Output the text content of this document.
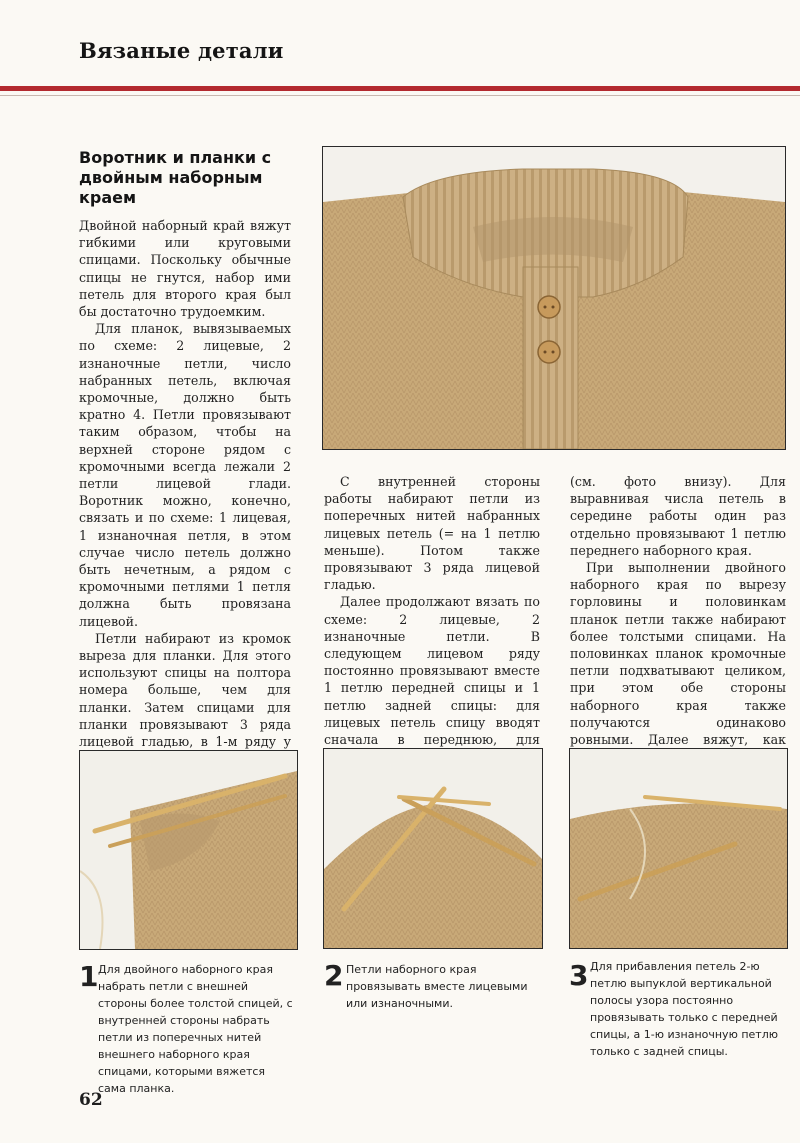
Вязаные детали
Воротник и планки с двойным наборным краем

Двойной наборный край вяжут гибкими или круговыми спицами. Поскольку обычные спицы не гнутся, набор ими петель для второго края был бы достаточно трудоемким.

Для планок, вывязываемых по схеме: 2 лицевые, 2 изнаночные петли, число набранных петель, включая кромочные, должно быть кратно 4. Петли провязывают таким образом, чтобы на верхней стороне рядом с кромочными всегда лежали 2 петли лицевой глади. Воротник можно, конечно, связать и по схеме: 1 лицевая, 1 изнаночная петля, в этом случае число петель должно быть нечетным, а рядом с кромочными петлями 1 петля должна быть провязана лицевой.

Петли набирают из кромок выреза для планки. Для этого используют спицы на полтора номера больше, чем для планки. Затем спицами для планки провязывают 3 ряда лицевой гладью, в 1-м ряду у

С внутренней стороны работы набирают петли из поперечных нитей набранных лицевых петель (= на 1 петлю меньше). Потом также провязывают 3 ряда лицевой гладью.

Далее продолжают вязать по схеме: 2 лицевые, 2 изнаночные петли. В следующем лицевом ряду постоянно провязывают вместе 1 петлю передней спицы и 1 петлю задней спицы: для лицевых петель спицу вводят сначала в переднюю, для

(см. фото внизу). Для выравнивая числа петель в середине работы один раз отдельно провязывают 1 петлю переднего наборного края.

При выполнении двойного наборного края по вырезу горловины и половинкам планок петли также набирают более толстыми спицами. На половинках планок кромочные петли подхватывают целиком, при этом обе стороны наборного края также получаются одинаково ровными. Далее вяжут, как

1 Для двойного наборного края набрать петли с внешней стороны более толстой спицей, с внутренней стороны набрать петли из поперечных нитей внешнего наборного края спицами, которыми вяжется сама планка.
2 Петли наборного края провязывать вместе лицевыми или изнаночными.
3 Для прибавления петель 2-ю петлю выпуклой вертикальной полосы узора постоянно провязывать только с передней спицы, а 1-ю изнаночную петлю только с задней спицы.
62
